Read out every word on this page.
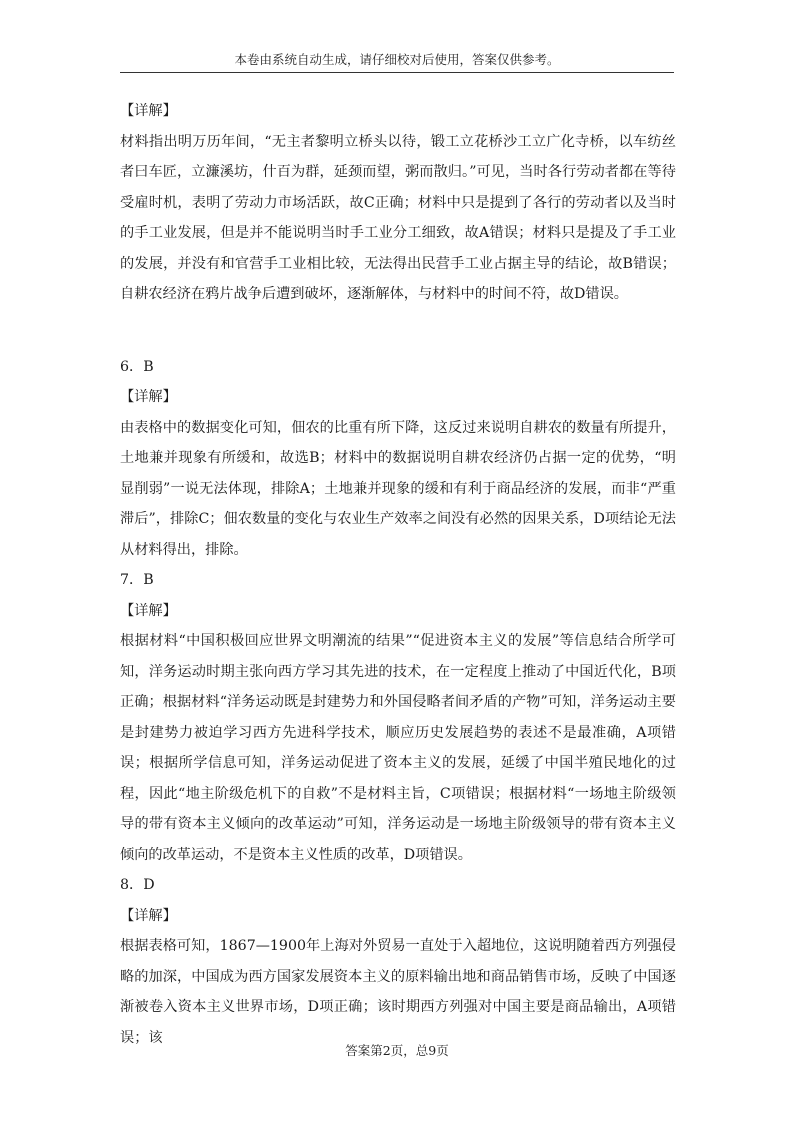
本卷由系统自动生成，请仔细校对后使用，答案仅供参考。

【详解】

材料指出明万历年间，“无主者黎明立桥头以待，锻工立花桥沙工立广化寺桥，以车纺丝者曰车匠，立濂溪坊，什百为群，延颈而望，粥而散归。”可见，当时各行劳动者都在等待受雇时机，表明了劳动力市场活跃，故C正确；材料中只是提到了各行的劳动者以及当时的手工业发展，但是并不能说明当时手工业分工细致，故A错误；材料只是提及了手工业的发展，并没有和官营手工业相比较，无法得出民营手工业占据主导的结论，故B错误；自耕农经济在鸦片战争后遭到破坏，逐渐解体，与材料中的时间不符，故D错误。

6．B

【详解】

由表格中的数据变化可知，佃农的比重有所下降，这反过来说明自耕农的数量有所提升，土地兼并现象有所缓和，故选B；材料中的数据说明自耕农经济仍占据一定的优势，“明显削弱”一说无法体现，排除A；土地兼并现象的缓和有利于商品经济的发展，而非“严重滞后”，排除C；佃农数量的变化与农业生产效率之间没有必然的因果关系，D项结论无法从材料得出，排除。

7．B

【详解】

根据材料“中国积极回应世界文明潮流的结果”“促进资本主义的发展”等信息结合所学可知，洋务运动时期主张向西方学习其先进的技术，在一定程度上推动了中国近代化，B项正确；根据材料“洋务运动既是封建势力和外国侵略者间矛盾的产物”可知，洋务运动主要是封建势力被迫学习西方先进科学技术，顺应历史发展趋势的表述不是最准确，A项错误；根据所学信息可知，洋务运动促进了资本主义的发展，延缓了中国半殖民地化的过程，因此“地主阶级危机下的自救”不是材料主旨，C项错误；根据材料“一场地主阶级领导的带有资本主义倾向的改革运动”可知，洋务运动是一场地主阶级领导的带有资本主义倾向的改革运动，不是资本主义性质的改革，D项错误。

8．D

【详解】

根据表格可知，1867—1900年上海对外贸易一直处于入超地位，这说明随着西方列强侵略的加深，中国成为西方国家发展资本主义的原料输出地和商品销售市场，反映了中国逐渐被卷入资本主义世界市场，D项正确；该时期西方列强对中国主要是商品输出，A项错误；该

答案第2页，总9页
